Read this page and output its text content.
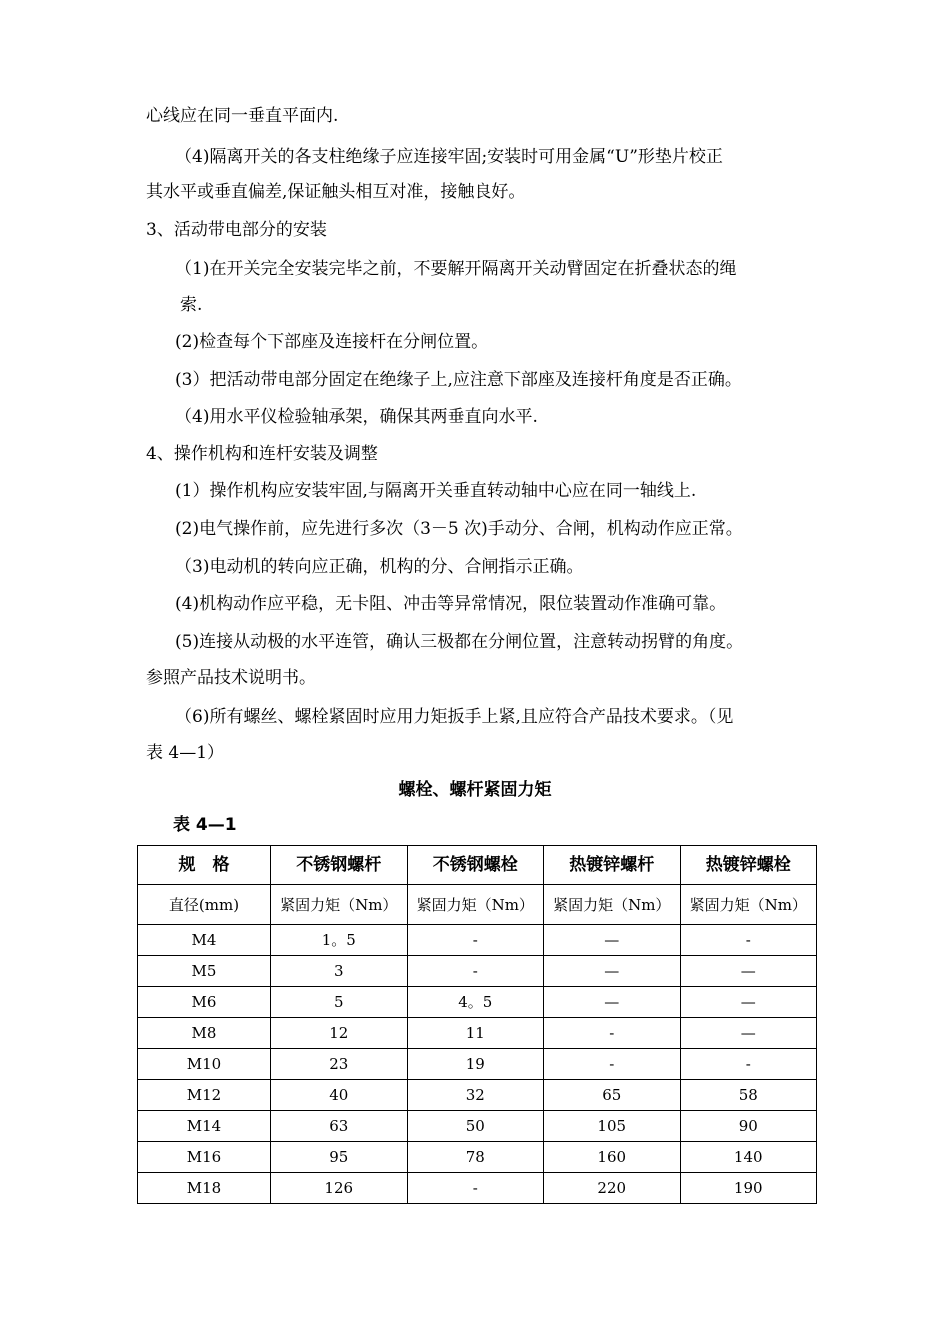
心线应在同一垂直平面内.
（4)隔离开关的各支柱绝缘子应连接牢固;安装时可用金属“U”形垫片校正
其水平或垂直偏差,保证触头相互对准，接触良好。
3、活动带电部分的安装
（1)在开关完全安装完毕之前，不要解开隔离开关动臂固定在折叠状态的绳
索.
(2)检查每个下部座及连接杆在分闸位置。
(3）把活动带电部分固定在绝缘子上,应注意下部座及连接杆角度是否正确。
（4)用水平仪检验轴承架，确保其两垂直向水平.
4、操作机构和连杆安装及调整
(1）操作机构应安装牢固,与隔离开关垂直转动轴中心应在同一轴线上.
(2)电气操作前，应先进行多次（3－5 次)手动分、合闸，机构动作应正常。
（3)电动机的转向应正确，机构的分、合闸指示正确。
(4)机构动作应平稳，无卡阻、冲击等异常情况，限位装置动作准确可靠。
(5)连接从动极的水平连管，确认三极都在分闸位置，注意转动拐臂的角度。
参照产品技术说明书。
（6)所有螺丝、螺栓紧固时应用力矩扳手上紧,且应符合产品技术要求。（见
表 4—1）
螺栓、螺杆紧固力矩
表 4—1
规　格	不锈钢螺杆	不锈钢螺栓	热镀锌螺杆	热镀锌螺栓
直径(mm)	紧固力矩（Nm）	紧固力矩（Nm）	紧固力矩（Nm）	紧固力矩（Nm）
M4	1。5	-	—	-
M5	3	-	—	—
M6	5	4。5	—	—
M8	12	11	-	—
M10	23	19	-	-
M12	40	32	65	58
M14	63	50	105	90
M16	95	78	160	140
M18	126	-	220	190
